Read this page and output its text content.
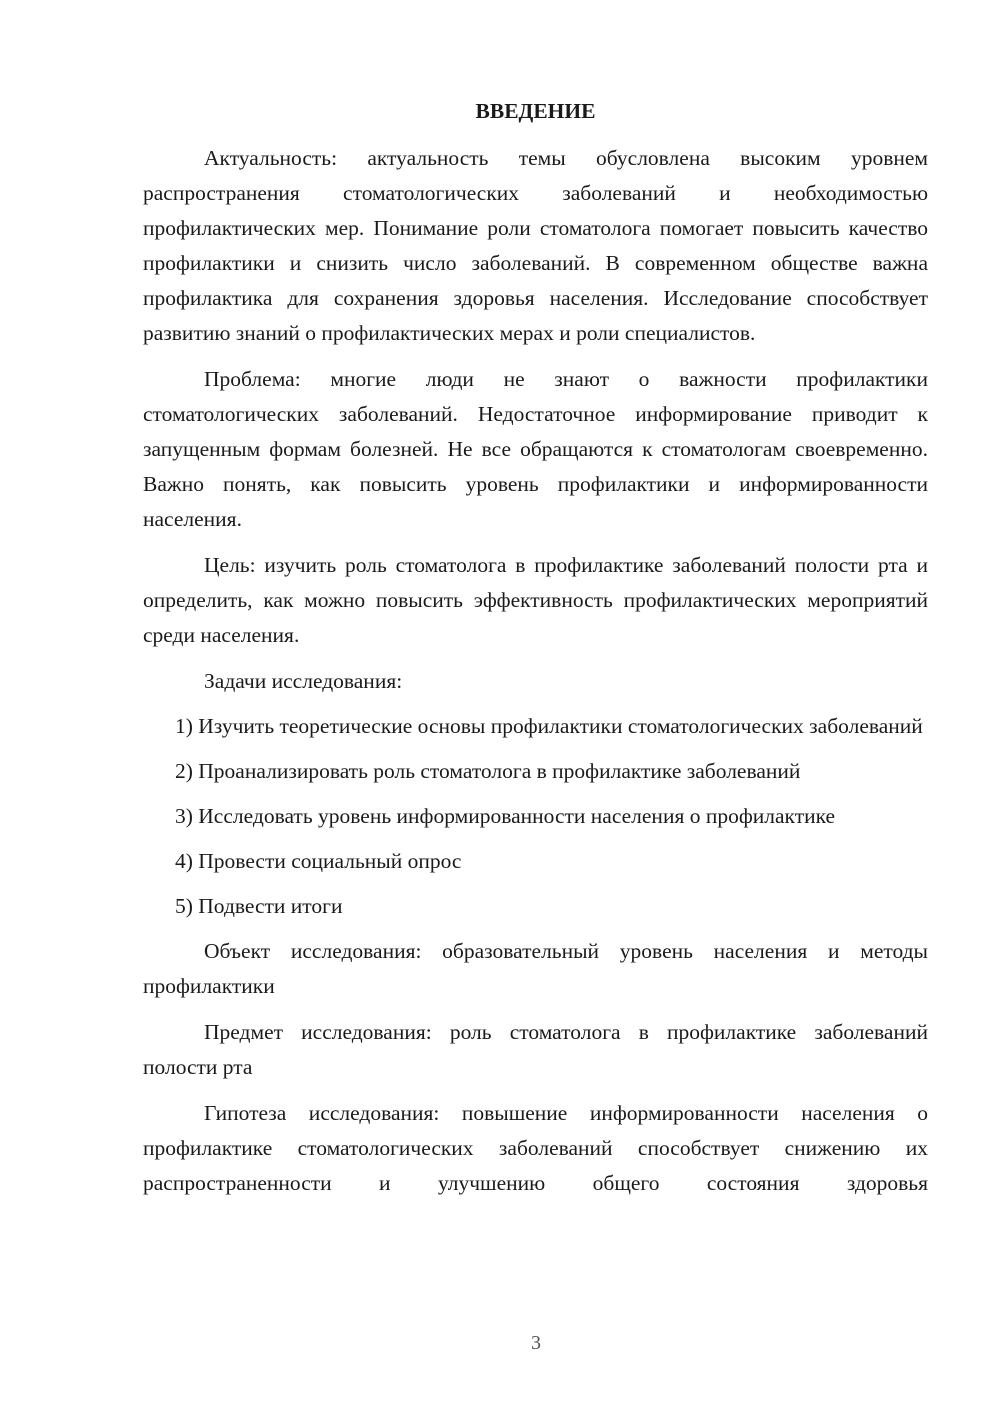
ВВЕДЕНИЕ

Актуальность: актуальность темы обусловлена высоким уровнем распространения стоматологических заболеваний и необходимостью профилактических мер. Понимание роли стоматолога помогает повысить качество профилактики и снизить число заболеваний. В современном обществе важна профилактика для сохранения здоровья населения. Исследование способствует развитию знаний о профилактических мерах и роли специалистов.

Проблема: многие люди не знают о важности профилактики стоматологических заболеваний. Недостаточное информирование приводит к запущенным формам болезней. Не все обращаются к стоматологам своевременно. Важно понять, как повысить уровень профилактики и информированности населения.

Цель: изучить роль стоматолога в профилактике заболеваний полости рта и определить, как можно повысить эффективность профилактических мероприятий среди населения.

Задачи исследования:

1) Изучить теоретические основы профилактики стоматологических заболеваний

2) Проанализировать роль стоматолога в профилактике заболеваний

3) Исследовать уровень информированности населения о профилактике

4) Провести социальный опрос

5) Подвести итоги

Объект исследования: образовательный уровень населения и методы профилактики

Предмет исследования: роль стоматолога в профилактике заболеваний полости рта

Гипотеза исследования: повышение информированности населения о профилактике стоматологических заболеваний способствует снижению их распространенности и улучшению общего состояния здоровья

3
